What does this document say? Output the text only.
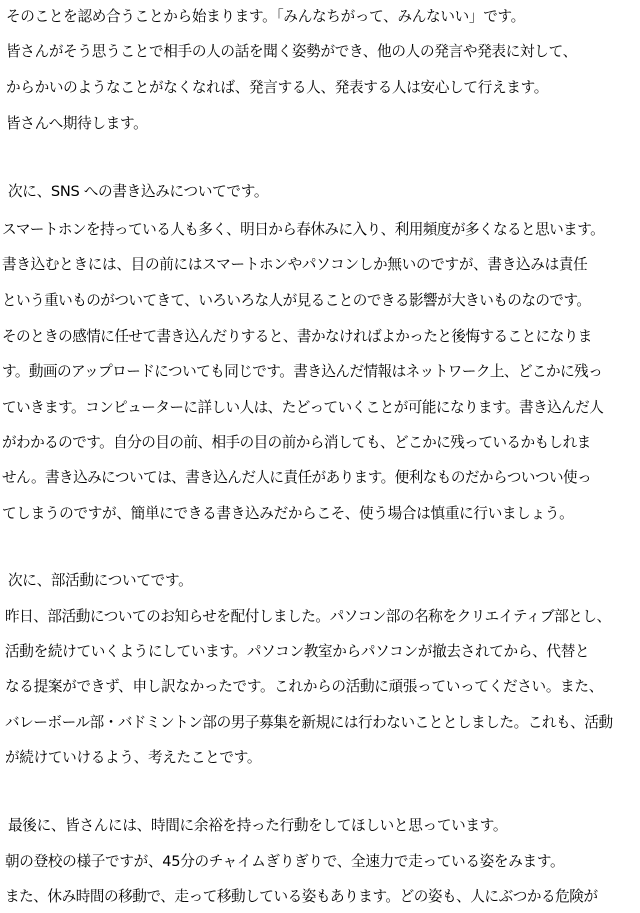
そのことを認め合うことから始まります。「みんなちがって、みんないい」です。
皆さんがそう思うことで相手の人の話を聞く姿勢ができ、他の人の発言や発表に対して、
からかいのようなことがなくなれば、発言する人、発表する人は安心して行えます。
皆さんへ期待します。
次に、SNS への書き込みについてです。
スマートホンを持っている人も多く、明日から春休みに入り、利用頻度が多くなると思います。
書き込むときには、目の前にはスマートホンやパソコンしか無いのですが、書き込みは責任
という重いものがついてきて、いろいろな人が見ることのできる影響が大きいものなのです。
そのときの感情に任せて書き込んだりすると、書かなければよかったと後悔することになりま
す。動画のアップロードについても同じです。書き込んだ情報はネットワーク上、どこかに残っ
ていきます。コンピューターに詳しい人は、たどっていくことが可能になります。書き込んだ人
がわかるのです。自分の目の前、相手の目の前から消しても、どこかに残っているかもしれま
せん。書き込みについては、書き込んだ人に責任があります。便利なものだからついつい使っ
てしまうのですが、簡単にできる書き込みだからこそ、使う場合は慎重に行いましょう。
次に、部活動についてです。
昨日、部活動についてのお知らせを配付しました。パソコン部の名称をクリエイティブ部とし、
活動を続けていくようにしています。パソコン教室からパソコンが撤去されてから、代替と
なる提案ができず、申し訳なかったです。これからの活動に頑張っていってください。また、
バレーボール部・バドミントン部の男子募集を新規には行わないこととしました。これも、活動
が続けていけるよう、考えたことです。
最後に、皆さんには、時間に余裕を持った行動をしてほしいと思っています。
朝の登校の様子ですが、45分のチャイムぎりぎりで、全速力で走っている姿をみます。
また、休み時間の移動で、走って移動している姿もあります。どの姿も、人にぶつかる危険が
